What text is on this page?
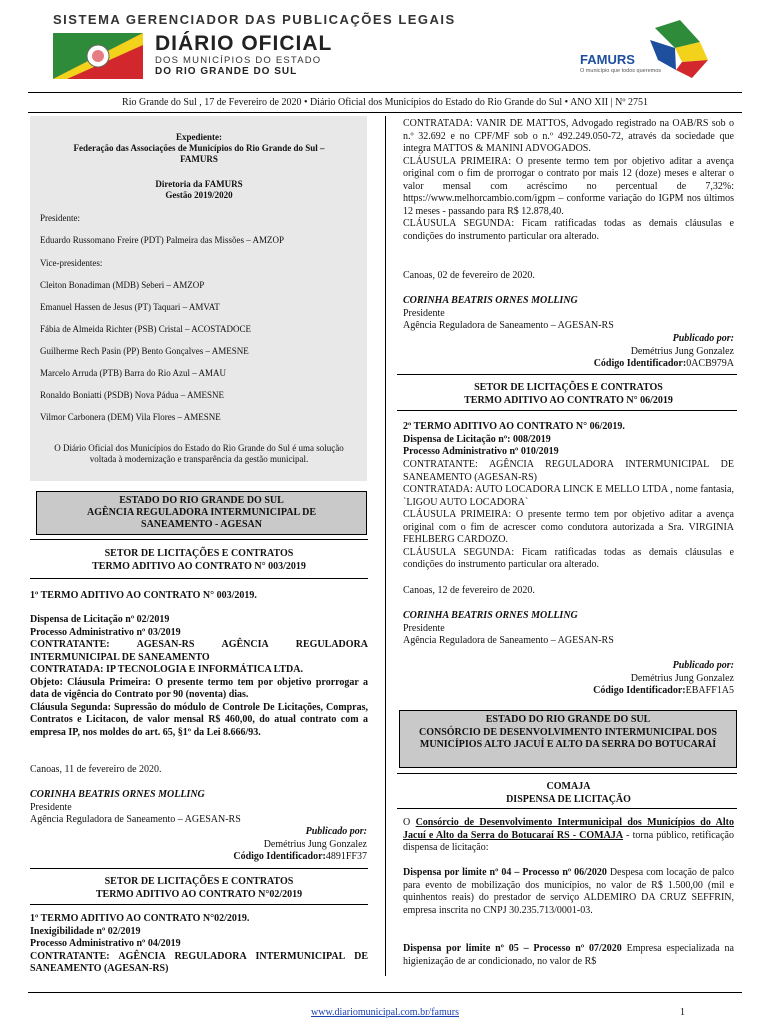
SISTEMA GERENCIADOR DAS PUBLICAÇÕES LEGAIS
DIÁRIO OFICIAL
DOS MUNICÍPIOS DO ESTADO
DO RIO GRANDE DO SUL
FAMURS
O município que todos queremos
Rio Grande do Sul , 17 de Fevereiro de 2020 • Diário Oficial dos Municípios do Estado do Rio Grande do Sul • ANO XII | Nº 2751

Expediente:

Federação das Associações de Municípios do Rio Grande do Sul – FAMURS

Diretoria da FAMURS

Gestão 2019/2020

Presidente:

Eduardo Russomano Freire (PDT) Palmeira das Missões – AMZOP

Vice-presidentes:

Cleiton Bonadiman (MDB) Seberi – AMZOP

Emanuel Hassen de Jesus (PT) Taquari – AMVAT

Fábia de Almeida Richter (PSB) Cristal – ACOSTADOCE

Guilherme Rech Pasin (PP) Bento Gonçalves – AMESNE

Marcelo Arruda (PTB) Barra do Rio Azul – AMAU

Ronaldo Boniatti (PSDB) Nova Pádua – AMESNE

Vilmor Carbonera (DEM) Vila Flores – AMESNE

O Diário Oficial dos Municípios do Estado do Rio Grande do Sul é uma solução voltada à modernização e transparência da gestão municipal.

ESTADO DO RIO GRANDE DO SUL
AGÊNCIA REGULADORA INTERMUNICIPAL DE SANEAMENTO - AGESAN
SETOR DE LICITAÇÕES E CONTRATOS
TERMO ADITIVO AO CONTRATO N° 003/2019
1º TERMO ADITIVO AO CONTRATO N° 003/2019.
Dispensa de Licitação nº 02/2019
Processo Administrativo nº 03/2019
CONTRATANTE: AGESAN-RS AGÊNCIA REGULADORA INTERMUNICIPAL DE SANEAMENTO
CONTRATADA: IP TECNOLOGIA E INFORMÁTICA LTDA.
Objeto: Cláusula Primeira: O presente termo tem por objetivo prorrogar a data de vigência do Contrato por 90 (noventa) dias.
Cláusula Segunda: Supressão do módulo de Controle De Licitações, Compras, Contratos e Licitacon, de valor mensal R$ 460,00, do atual contrato com a empresa IP, nos moldes do art. 65, §1º da Lei 8.666/93.
Canoas, 11 de fevereiro de 2020.

CORINHA BEATRIS ORNES MOLLING

Presidente

Agência Reguladora de Saneamento – AGESAN-RS

Publicado por:

Demétrius Jung Gonzalez

Código Identificador:4891FF37

SETOR DE LICITAÇÕES E CONTRATOS
TERMO ADITIVO AO CONTRATO N°02/2019
1º TERMO ADITIVO AO CONTRATO N°02/2019.
Inexigibilidade nº 02/2019
Processo Administrativo nº 04/2019
CONTRATANTE: AGÊNCIA REGULADORA INTERMUNICIPAL DE SANEAMENTO (AGESAN-RS)
CONTRATADA: VANIR DE MATTOS, Advogado registrado na OAB/RS sob o n.º 32.692 e no CPF/MF sob o n.º 492.249.050-72, através da sociedade que integra MATTOS & MANINI ADVOGADOS.
CLÁUSULA PRIMEIRA: O presente termo tem por objetivo aditar a avença original com o fim de prorrogar o contrato por mais 12 (doze) meses e alterar o valor mensal com acréscimo no percentual de 7,32%: https://www.melhorcambio.com/igpm – conforme variação do IGPM nos últimos 12 meses - passando para R$ 12.878,40.
CLÁUSULA SEGUNDA: Ficam ratificadas todas as demais cláusulas e condições do instrumento particular ora alterado.
Canoas, 02 de fevereiro de 2020.

CORINHA BEATRIS ORNES MOLLING

Presidente

Agência Reguladora de Saneamento – AGESAN-RS

Publicado por:

Demétrius Jung Gonzalez

Código Identificador:0ACB979A

SETOR DE LICITAÇÕES E CONTRATOS
TERMO ADITIVO AO CONTRATO N° 06/2019
2º TERMO ADITIVO AO CONTRATO N° 06/2019.
Dispensa de Licitação nº: 008/2019
Processo Administrativo nº 010/2019
CONTRATANTE: AGÊNCIA REGULADORA INTERMUNICIPAL DE SANEAMENTO (AGESAN-RS)
CONTRATADA: AUTO LOCADORA LINCK E MELLO LTDA , nome fantasia, `LIGOU AUTO LOCADORA`
CLÁUSULA PRIMEIRA: O presente termo tem por objetivo aditar a avença original com o fim de acrescer como condutora autorizada a Sra. VIRGINIA FEHLBERG CARDOZO.
CLÁUSULA SEGUNDA: Ficam ratificadas todas as demais cláusulas e condições do instrumento particular ora alterado.
Canoas, 12 de fevereiro de 2020.

CORINHA BEATRIS ORNES MOLLING

Presidente

Agência Reguladora de Saneamento – AGESAN-RS

Publicado por:

Demétrius Jung Gonzalez

Código Identificador:EBAFF1A5

ESTADO DO RIO GRANDE DO SUL
CONSÓRCIO DE DESENVOLVIMENTO INTERMUNICIPAL DOS MUNICÍPIOS ALTO JACUÍ E ALTO DA SERRA DO BOTUCARAÍ
COMAJA
DISPENSA DE LICITAÇÃO
O Consórcio de Desenvolvimento Intermunicipal dos Municípios do Alto Jacuí e Alto da Serra do Botucaraí RS - COMAJA - torna público, retificação dispensa de licitação:
Dispensa por limite nº 04 – Processo nº 06/2020 Despesa com locação de palco para evento de mobilização dos municípios, no valor de R$ 1.500,00 (mil e quinhentos reais) do prestador de serviço ALDEMIRO DA CRUZ SEFFRIN, empresa inscrita no CNPJ 30.235.713/0001-03.
Dispensa por limite nº 05 – Processo nº 07/2020 Empresa especializada na higienização de ar condicionado, no valor de R$
www.diariomunicipal.com.br/famurs	1
